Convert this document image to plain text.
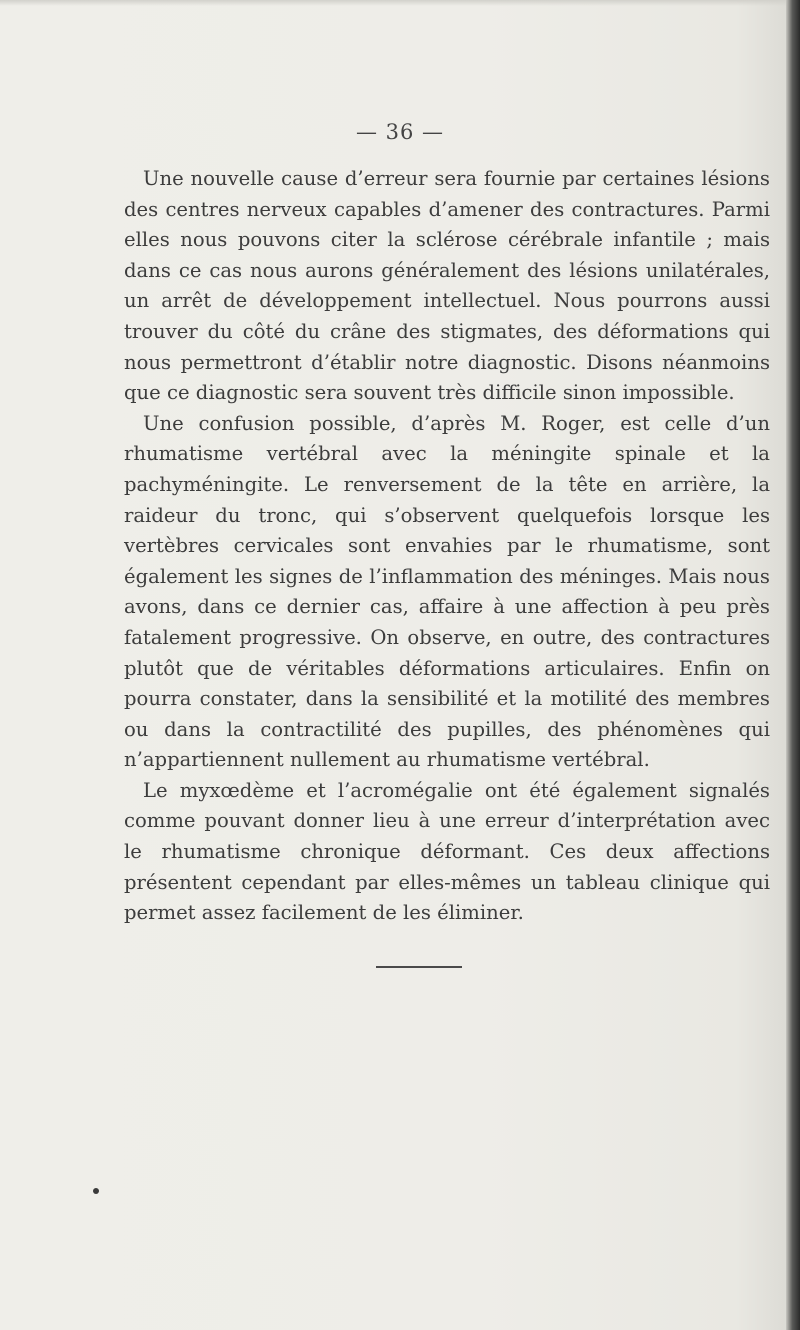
— 36 —

Une nouvelle cause d’erreur sera fournie par certaines lésions des centres nerveux capables d’amener des contractures. Parmi elles nous pouvons citer la sclérose cérébrale infantile ; mais dans ce cas nous aurons généralement des lésions unilatérales, un arrêt de développement intellectuel. Nous pourrons aussi trouver du côté du crâne des stigmates, des déformations qui nous permettront d’établir notre diagnostic. Disons néanmoins que ce diagnostic sera souvent très difficile sinon impossible.

Une confusion possible, d’après M. Roger, est celle d’un rhumatisme vertébral avec la méningite spinale et la pachyméningite. Le renversement de la tête en arrière, la raideur du tronc, qui s’observent quelquefois lorsque les vertèbres cervicales sont envahies par le rhumatisme, sont également les signes de l’inflammation des méninges. Mais nous avons, dans ce dernier cas, affaire à une affection à peu près fatalement progressive. On observe, en outre, des contractures plutôt que de véritables déformations articulaires. Enfin on pourra constater, dans la sensibilité et la motilité des membres ou dans la contractilité des pupilles, des phénomènes qui n’appartiennent nullement au rhumatisme vertébral.

Le myxœdème et l’acromégalie ont été également signalés comme pouvant donner lieu à une erreur d’interprétation avec le rhumatisme chronique déformant. Ces deux affections présentent cependant par elles-mêmes un tableau clinique qui permet assez facilement de les éliminer.
